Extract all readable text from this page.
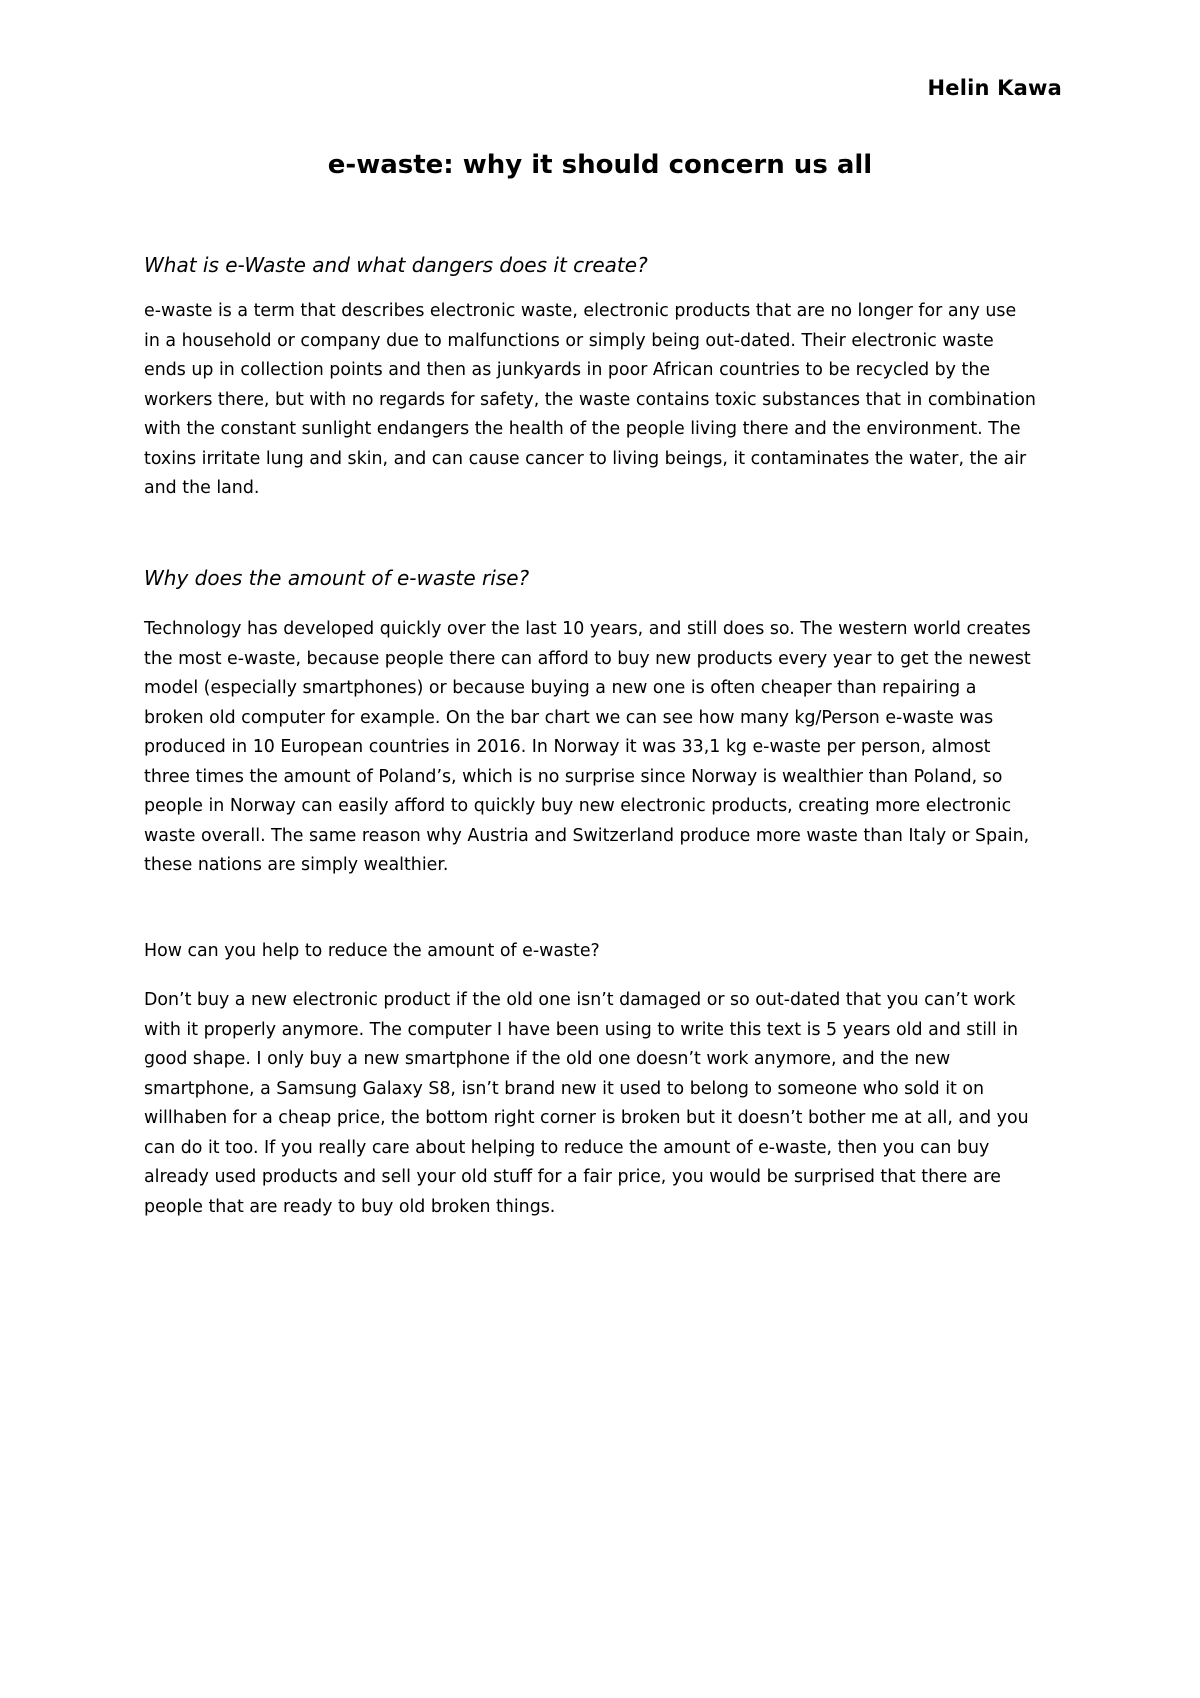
Helin Kawa
e-waste: why it should concern us all
What is e-Waste and what dangers does it create?
e-waste is a term that describes electronic waste, electronic products that are no longer for any use
in a household or company due to malfunctions or simply being out-dated. Their electronic waste
ends up in collection points and then as junkyards in poor African countries to be recycled by the
workers there, but with no regards for safety, the waste contains toxic substances that in combination
with the constant sunlight endangers the health of the people living there and the environment. The
toxins irritate lung and skin, and can cause cancer to living beings, it contaminates the water, the air
and the land.
Why does the amount of e-waste rise?
Technology has developed quickly over the last 10 years, and still does so. The western world creates
the most e-waste, because people there can afford to buy new products every year to get the newest
model (especially smartphones) or because buying a new one is often cheaper than repairing a
broken old computer for example. On the bar chart we can see how many kg/Person e-waste was
produced in 10 European countries in 2016. In Norway it was 33,1 kg e-waste per person, almost
three times the amount of Poland’s, which is no surprise since Norway is wealthier than Poland, so
people in Norway can easily afford to quickly buy new electronic products, creating more electronic
waste overall. The same reason why Austria and Switzerland produce more waste than Italy or Spain,
these nations are simply wealthier.
How can you help to reduce the amount of e-waste?
Don’t buy a new electronic product if the old one isn’t damaged or so out-dated that you can’t work
with it properly anymore. The computer I have been using to write this text is 5 years old and still in
good shape. I only buy a new smartphone if the old one doesn’t work anymore, and the new
smartphone, a Samsung Galaxy S8, isn’t brand new it used to belong to someone who sold it on
willhaben for a cheap price, the bottom right corner is broken but it doesn’t bother me at all, and you
can do it too. If you really care about helping to reduce the amount of e-waste, then you can buy
already used products and sell your old stuff for a fair price, you would be surprised that there are
people that are ready to buy old broken things.
